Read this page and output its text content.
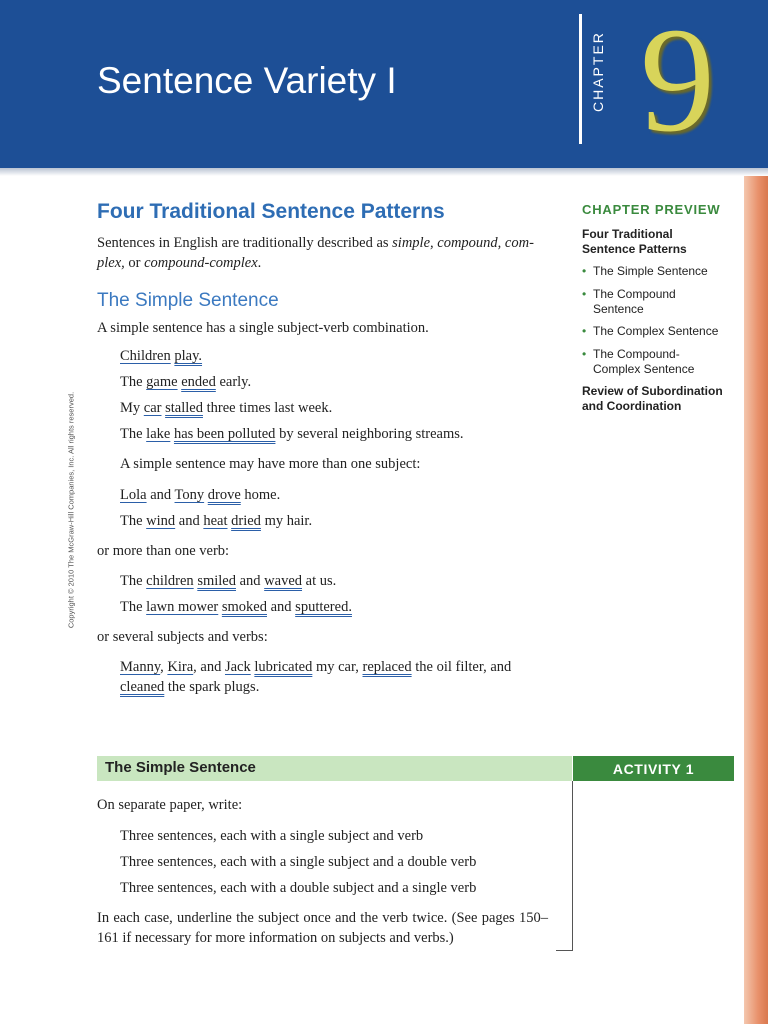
Sentence Variety I	CHAPTER 9
Copyright © 2010 The McGraw-Hill Companies, Inc. All rights reserved.
Four Traditional Sentence Patterns

Sentences in English are traditionally described as simple, compound, com-
plex, or compound-complex.

The Simple Sentence

A simple sentence has a single subject-verb combination.

Children play.

The game ended early.

My car stalled three times last week.

The lake has been polluted by several neighboring streams.

A simple sentence may have more than one subject:

Lola and Tony drove home.

The wind and heat dried my hair.

or more than one verb:

The children smiled and waved at us.

The lawn mower smoked and sputtered.

or several subjects and verbs:

Manny, Kira, and Jack lubricated my car, replaced the oil filter, and

cleaned the spark plugs.

CHAPTER PREVIEW

Four Traditional Sentence Patterns

• The Simple Sentence

• The Compound Sentence

• The Complex Sentence

• The Compound-Complex Sentence

Review of Subordination and Coordination

The Simple Sentence	ACTIVITY 1

On separate paper, write:

Three sentences, each with a single subject and verb

Three sentences, each with a single subject and a double verb

Three sentences, each with a double subject and a single verb

In each case, underline the subject once and the verb twice. (See pages 150–161 if necessary for more information on subjects and verbs.)
